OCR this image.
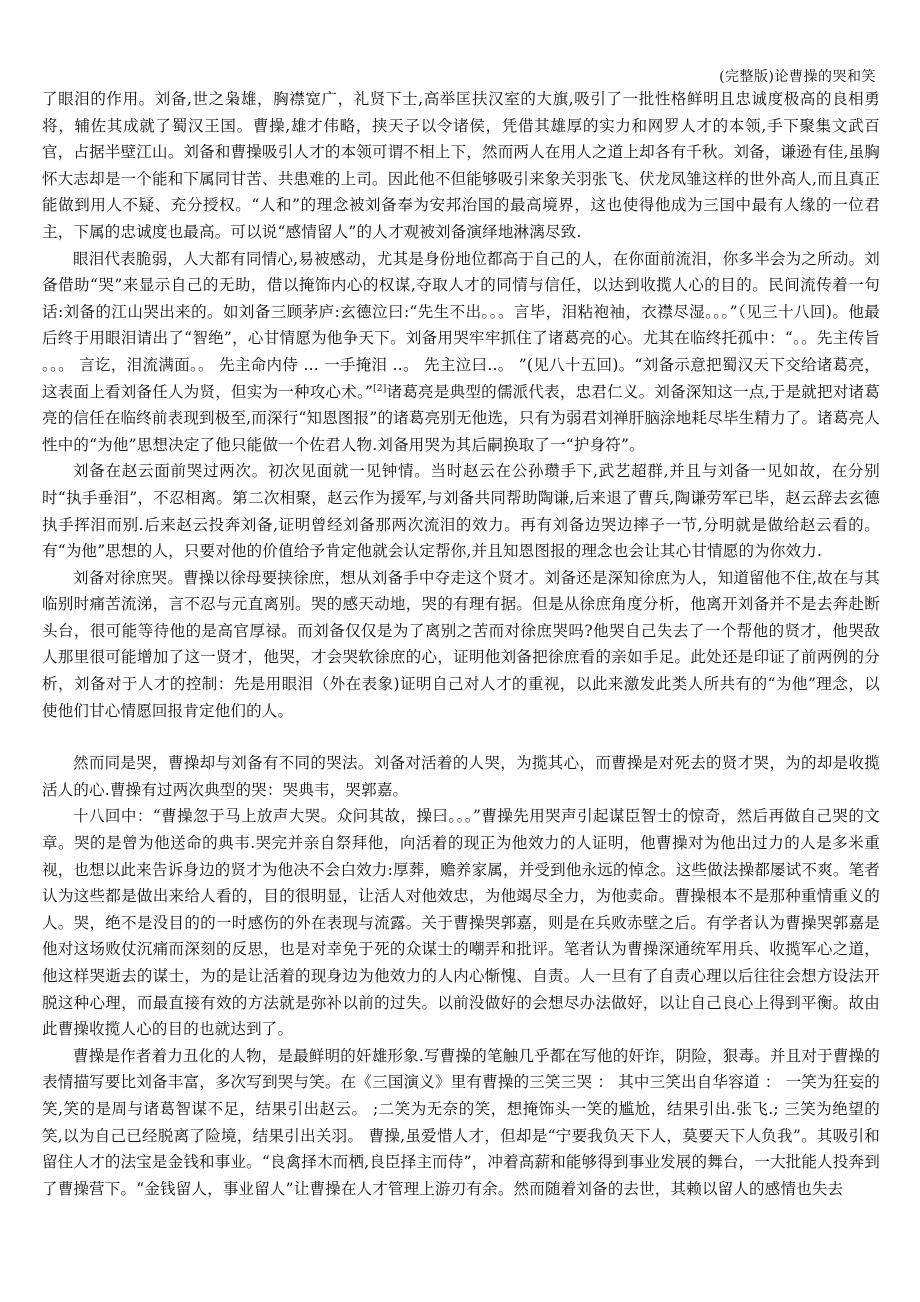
(完整版)论曹操的哭和笑

了眼泪的作用。刘备,世之枭雄，胸襟宽广，礼贤下士,高举匡扶汉室的大旗,吸引了一批性格鲜明且忠诚度极高的良相勇将，辅佐其成就了蜀汉王国。曹操,雄才伟略，挟天子以令诸侯，凭借其雄厚的实力和网罗人才的本领,手下聚集文武百官，占据半壁江山。刘备和曹操吸引人才的本领可谓不相上下，然而两人在用人之道上却各有千秋。刘备，谦逊有佳,虽胸怀大志却是一个能和下属同甘苦、共患难的上司。因此他不但能够吸引来象关羽张飞、伏龙凤雏这样的世外高人,而且真正能做到用人不疑、充分授权。“人和”的理念被刘备奉为安邦治国的最高境界，这也使得他成为三国中最有人缘的一位君主，下属的忠诚度也最高。可以说“感情留人”的人才观被刘备演绎地淋漓尽致.

眼泪代表脆弱，人大都有同情心,易被感动，尤其是身份地位都高于自己的人，在你面前流泪，你多半会为之所动。刘备借助“哭”来显示自己的无助，借以掩饰内心的权谋,夺取人才的同情与信任，以达到收揽人心的目的。民间流传着一句话:刘备的江山哭出来的。如刘备三顾茅庐:玄德泣曰:“先生不出。。。言毕，泪粘袍袖，衣襟尽湿。。。”（见三十八回)。他最后终于用眼泪请出了“智绝”，心甘情愿为他争天下。刘备用哭牢牢抓住了诸葛亮的心。尤其在临终托孤中：“。。先主传旨 。。。 言讫，泪流满面。。 先主命内侍 ... 一手掩泪 ..。 先主泣曰..。 ”(见八十五回)。“刘备示意把蜀汉天下交给诸葛亮，这表面上看刘备任人为贤，但实为一种攻心术。”[2]诸葛亮是典型的儒派代表，忠君仁义。刘备深知这一点,于是就把对诸葛亮的信任在临终前表现到极至,而深行“知恩图报”的诸葛亮别无他选，只有为弱君刘禅肝脑涂地耗尽毕生精力了。诸葛亮人性中的“为他”思想决定了他只能做一个佐君人物.刘备用哭为其后嗣换取了一“护身符”。

刘备在赵云面前哭过两次。初次见面就一见钟情。当时赵云在公孙瓒手下,武艺超群,并且与刘备一见如故，在分别时“执手垂泪”，不忍相离。第二次相聚，赵云作为援军,与刘备共同帮助陶谦,后来退了曹兵,陶谦劳军已毕，赵云辞去玄德执手挥泪而别.后来赵云投奔刘备,证明曾经刘备那两次流泪的效力。再有刘备边哭边摔子一节,分明就是做给赵云看的。有“为他”思想的人，只要对他的价值给予肯定他就会认定帮你,并且知恩图报的理念也会让其心甘情愿的为你效力.

刘备对徐庶哭。曹操以徐母要挟徐庶，想从刘备手中夺走这个贤才。刘备还是深知徐庶为人，知道留他不住,故在与其临别时痛苦流涕，言不忍与元直离别。哭的感天动地，哭的有理有据。但是从徐庶角度分析，他离开刘备并不是去奔赴断头台，很可能等待他的是高官厚禄。而刘备仅仅是为了离别之苦而对徐庶哭吗?他哭自己失去了一个帮他的贤才，他哭敌人那里很可能增加了这一贤才，他哭，才会哭软徐庶的心，证明他刘备把徐庶看的亲如手足。此处还是印证了前两例的分析，刘备对于人才的控制：先是用眼泪（外在表象)证明自己对人才的重视，以此来激发此类人所共有的“为他”理念，以使他们甘心情愿回报肯定他们的人。

然而同是哭，曹操却与刘备有不同的哭法。刘备对活着的人哭，为揽其心，而曹操是对死去的贤才哭，为的却是收揽活人的心.曹操有过两次典型的哭：哭典韦，哭郭嘉。

十八回中：“曹操忽于马上放声大哭。众问其故，操曰。。。”曹操先用哭声引起谋臣智士的惊奇，然后再做自己哭的文章。哭的是曾为他送命的典韦.哭完并亲自祭拜他，向活着的现正为他效力的人证明，他曹操对为他出过力的人是多米重视，也想以此来告诉身边的贤才为他决不会白效力:厚葬，赡养家属，并受到他永远的悼念。这些做法操都屡试不爽。笔者认为这些都是做出来给人看的，目的很明显，让活人对他效忠，为他竭尽全力，为他卖命。曹操根本不是那种重情重义的人。哭，绝不是没目的的一时感伤的外在表现与流露。关于曹操哭郭嘉，则是在兵败赤壁之后。有学者认为曹操哭郭嘉是他对这场败仗沉痛而深刻的反思，也是对幸免于死的众谋士的嘲弄和批评。笔者认为曹操深通统军用兵、收揽军心之道，他这样哭逝去的谋士，为的是让活着的现身边为他效力的人内心惭愧、自责。人一旦有了自责心理以后往往会想方设法开脱这种心理，而最直接有效的方法就是弥补以前的过失。以前没做好的会想尽办法做好，以让自己良心上得到平衡。故由此曹操收揽人心的目的也就达到了。

曹操是作者着力丑化的人物，是最鲜明的奸雄形象.写曹操的笔触几乎都在写他的奸诈，阴险，狠毒。并且对于曹操的表情描写要比刘备丰富，多次写到哭与笑。在《三国演义》里有曹操的三笑三哭 ： 其中三笑出自华容道 ： 一笑为狂妄的笑,笑的是周与诸葛智谋不足，结果引出赵云。 ;二笑为无奈的笑，想掩饰头一笑的尴尬，结果引出.张飞.; 三笑为绝望的笑,以为自己已经脱离了险境，结果引出关羽。 曹操,虽爱惜人才，但却是“宁要我负天下人，莫要天下人负我”。其吸引和留住人才的法宝是金钱和事业。“良禽择木而栖,良臣择主而侍”，冲着高薪和能够得到事业发展的舞台，一大批能人投奔到了曹操营下。“金钱留人，事业留人”让曹操在人才管理上游刃有余。然而随着刘备的去世，其赖以留人的感情也失去
